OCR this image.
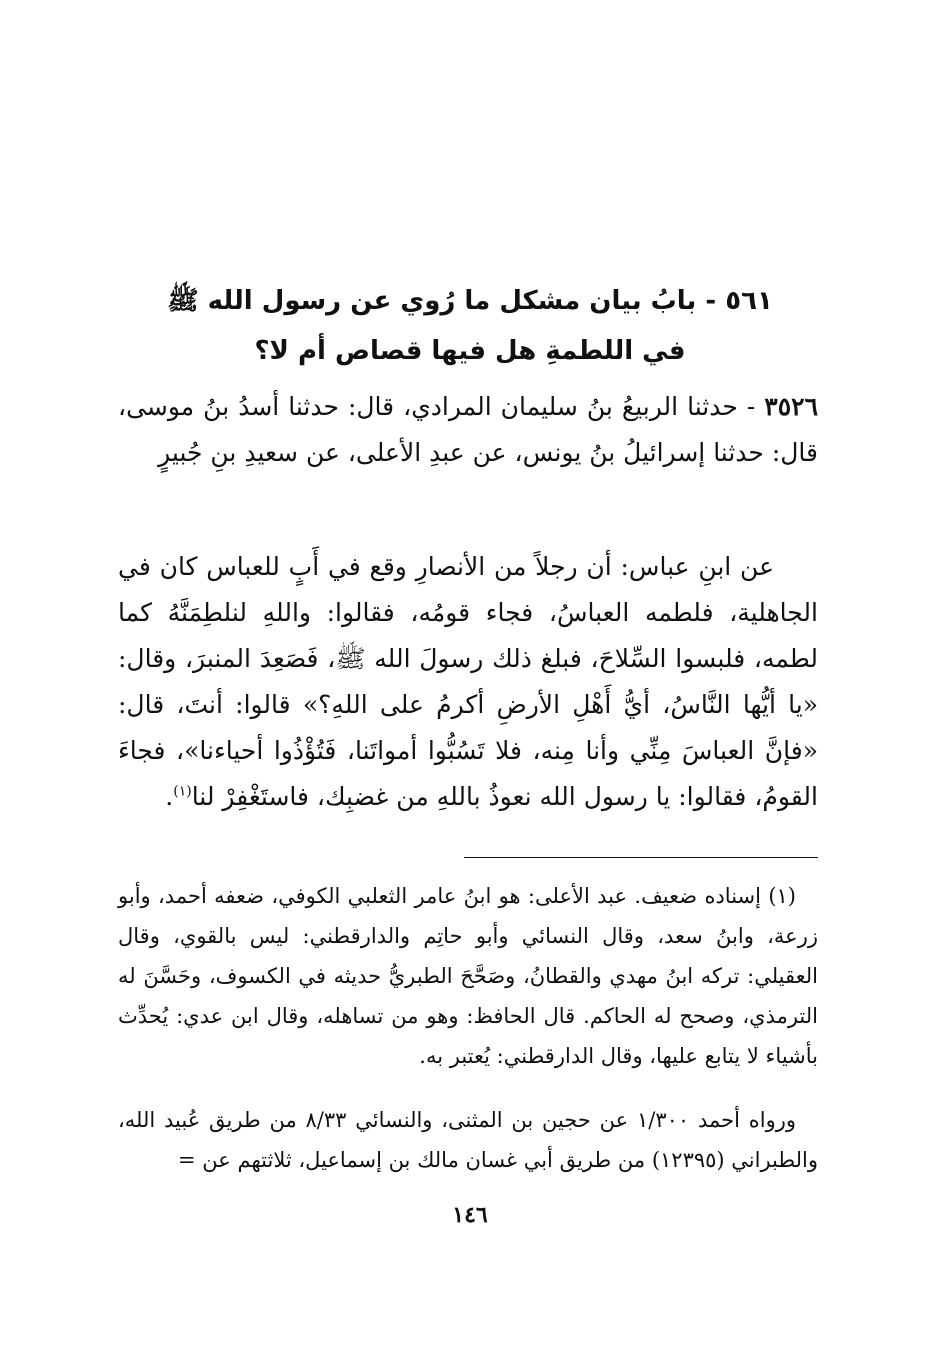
٥٦١ - بابُ بيان مشكل ما رُوي عن رسول الله ﷺ
في اللطمةِ هل فيها قصاص أم لا؟

٣٥٢٦ - حدثنا الربيعُ بنُ سليمان المرادي، قال: حدثنا أسدُ بنُ موسى، قال: حدثنا إسرائيلُ بنُ يونس، عن عبدِ الأعلى، عن سعيدِ بنِ جُبيرٍ

عن ابنِ عباس: أن رجلاً من الأنصارِ وقع في أَبٍ للعباس كان في الجاهلية، فلطمه العباسُ، فجاء قومُه، فقالوا: واللهِ لنلطِمَنَّهُ كما لطمه، فلبسوا السِّلاحَ، فبلغ ذلك رسولَ الله ﷺ، فَصَعِدَ المنبرَ، وقال: «يا أيُّها النَّاسُ، أيُّ أَهْلِ الأرضِ أكرمُ على اللهِ؟» قالوا: أنتَ، قال: «فإنَّ العباسَ مِنِّي وأنا مِنه، فلا تَسُبُّوا أمواتَنا، فَتُؤْذُوا أحياءنا»، فجاءَ القومُ، فقالوا: يا رسول الله نعوذُ باللهِ من غضبِك، فاستَغْفِرْ لنا$^{(١)}$.

(١) إسناده ضعيف. عبد الأعلى: هو ابنُ عامر الثعلبي الكوفي، ضعفه أحمد، وأبو زرعة، وابنُ سعد، وقال النسائي وأبو حاتِم والدارقطني: ليس بالقوي، وقال العقيلي: تركه ابنُ مهدي والقطانُ، وصَحَّحَ الطبريُّ حديثه في الكسوف، وحَسَّنَ له الترمذي، وصحح له الحاكم. قال الحافظ: وهو من تساهله، وقال ابن عدي: يُحدِّث بأشياء لا يتابع عليها، وقال الدارقطني: يُعتبر به.

ورواه أحمد ١/٣٠٠ عن حجين بن المثنى، والنسائي ٨/٣٣ من طريق عُبيد الله، والطبراني (١٢٣٩٥) من طريق أبي غسان مالك بن إسماعيل، ثلاثتهم عن =

١٤٦
